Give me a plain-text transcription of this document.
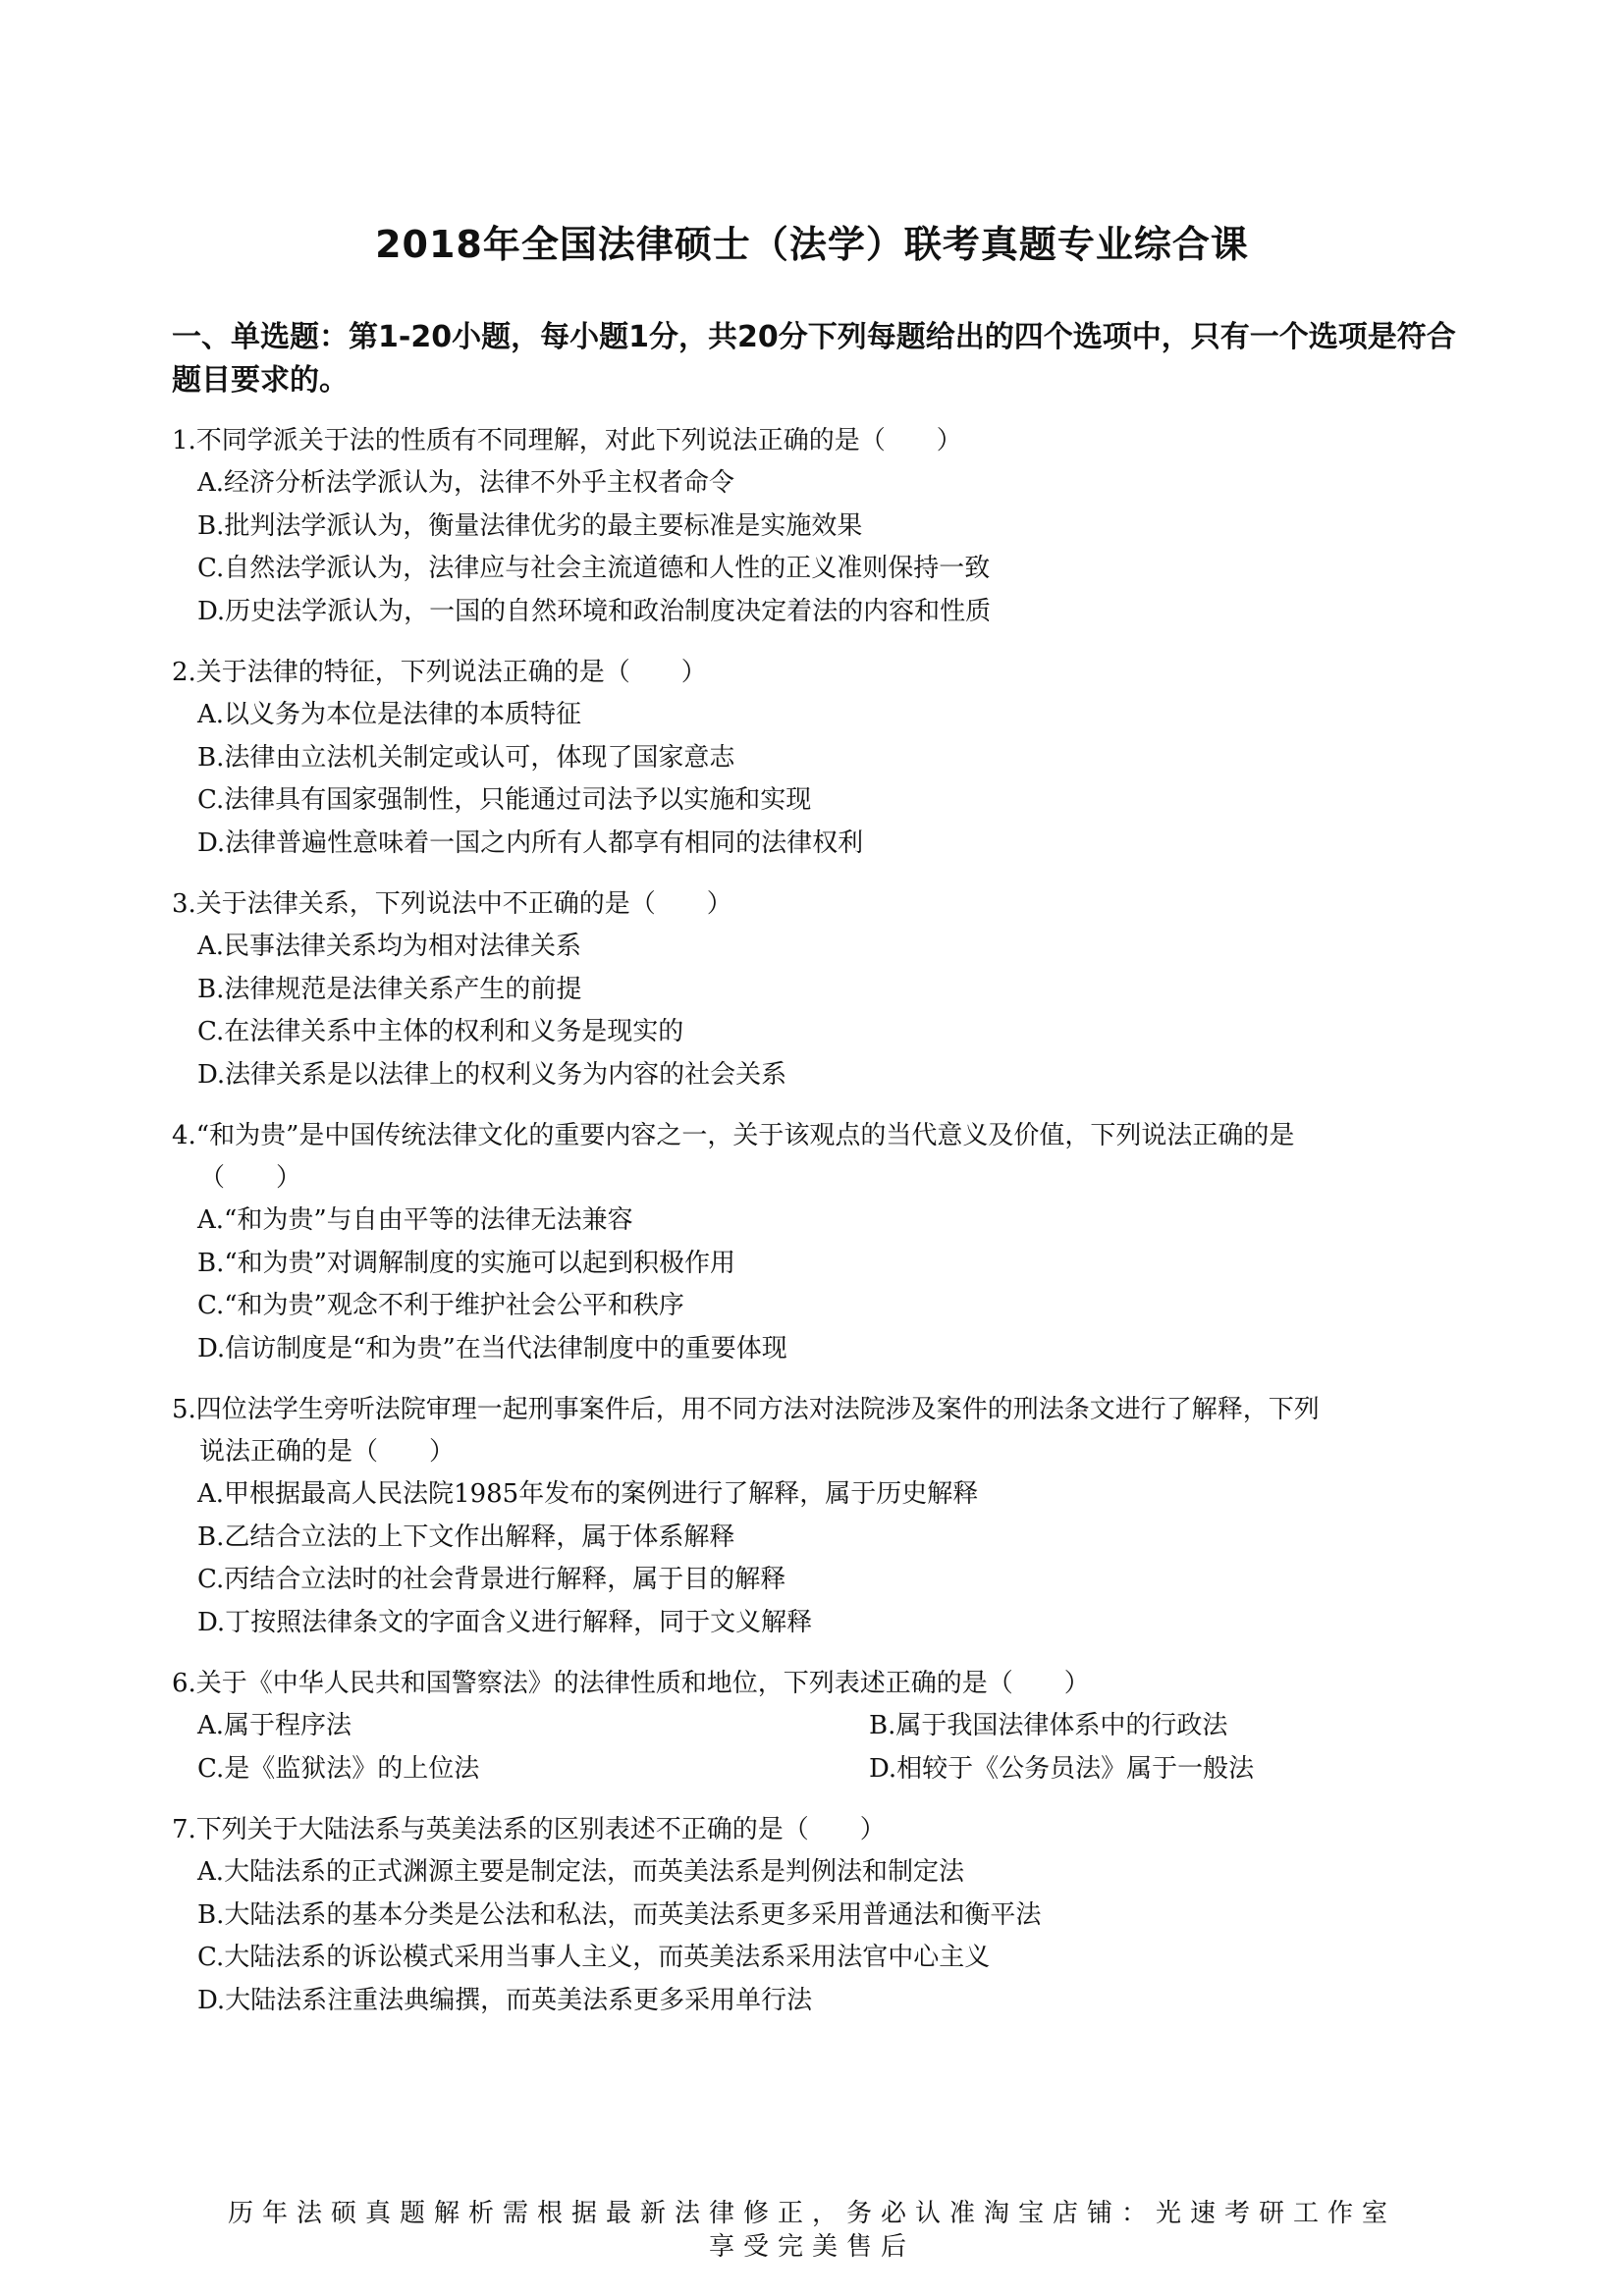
2018年全国法律硕士（法学）联考真题专业综合课
一、单选题：第1-20小题，每小题1分，共20分下列每题给出的四个选项中，只有一个选项是符合题目要求的。
1.不同学派关于法的性质有不同理解，对此下列说法正确的是（　　）
A.经济分析法学派认为，法律不外乎主权者命令
B.批判法学派认为，衡量法律优劣的最主要标准是实施效果
C.自然法学派认为，法律应与社会主流道德和人性的正义准则保持一致
D.历史法学派认为，一国的自然环境和政治制度决定着法的内容和性质
2.关于法律的特征，下列说法正确的是（　　）
A.以义务为本位是法律的本质特征
B.法律由立法机关制定或认可，体现了国家意志
C.法律具有国家强制性，只能通过司法予以实施和实现
D.法律普遍性意味着一国之内所有人都享有相同的法律权利
3.关于法律关系，下列说法中不正确的是（　　）
A.民事法律关系均为相对法律关系
B.法律规范是法律关系产生的前提
C.在法律关系中主体的权利和义务是现实的
D.法律关系是以法律上的权利义务为内容的社会关系
4.“和为贵”是中国传统法律文化的重要内容之一，关于该观点的当代意义及价值，下列说法正确的是
（　　）
A.“和为贵”与自由平等的法律无法兼容
B.“和为贵”对调解制度的实施可以起到积极作用
C.“和为贵”观念不利于维护社会公平和秩序
D.信访制度是“和为贵”在当代法律制度中的重要体现
5.四位法学生旁听法院审理一起刑事案件后，用不同方法对法院涉及案件的刑法条文进行了解释，下列
说法正确的是（　　）
A.甲根据最高人民法院1985年发布的案例进行了解释，属于历史解释
B.乙结合立法的上下文作出解释，属于体系解释
C.丙结合立法时的社会背景进行解释，属于目的解释
D.丁按照法律条文的字面含义进行解释，同于文义解释
6.关于《中华人民共和国警察法》的法律性质和地位，下列表述正确的是（　　）
A.属于程序法	B.属于我国法律体系中的行政法
C.是《监狱法》的上位法	D.相较于《公务员法》属于一般法
7.下列关于大陆法系与英美法系的区别表述不正确的是（　　）
A.大陆法系的正式渊源主要是制定法，而英美法系是判例法和制定法
B.大陆法系的基本分类是公法和私法，而英美法系更多采用普通法和衡平法
C.大陆法系的诉讼模式采用当事人主义，而英美法系采用法官中心主义
D.大陆法系注重法典编撰，而英美法系更多采用单行法
历年法硕真题解析需根据最新法律修正，务必认准淘宝店铺：光速考研工作室
享受完美售后
